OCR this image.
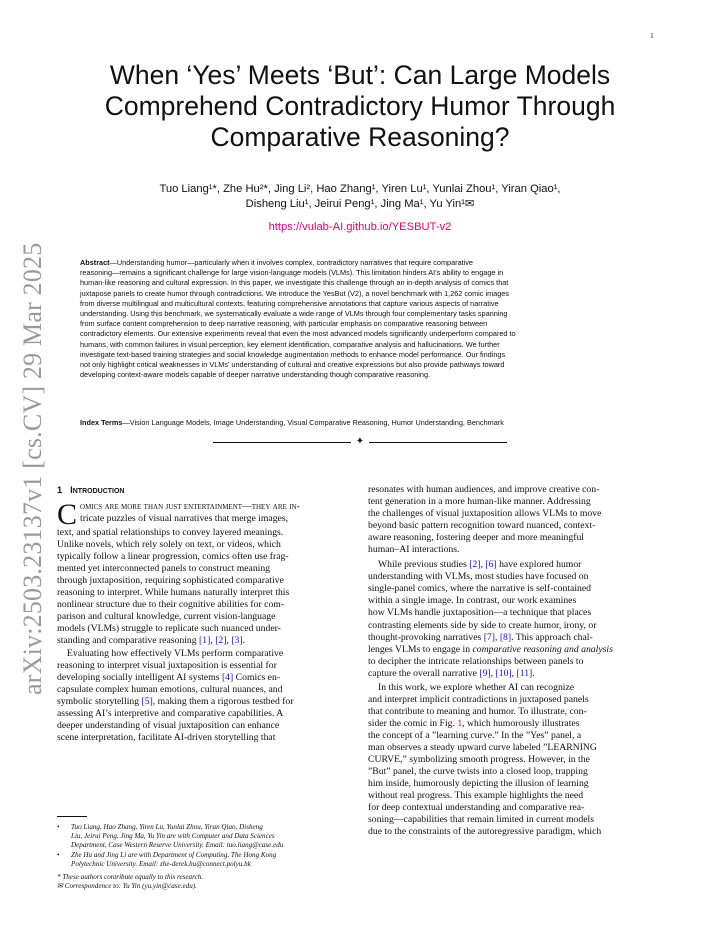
1
arXiv:2503.23137v1 [cs.CV] 29 Mar 2025
When ‘Yes’ Meets ‘But’: Can Large Models
Comprehend Contradictory Humor Through
Comparative Reasoning?
Tuo Liang¹*, Zhe Hu²*, Jing Li², Hao Zhang¹, Yiren Lu¹, Yunlai Zhou¹, Yiran Qiao¹,
Disheng Liu¹, Jeirui Peng¹, Jing Ma¹, Yu Yin¹✉
https://vulab-AI.github.io/YESBUT-v2
Abstract—Understanding humor—particularly when it involves complex, contradictory narratives that require comparative
reasoning—remains a significant challenge for large vision-language models (VLMs). This limitation hinders AI’s ability to engage in
human-like reasoning and cultural expression. In this paper, we investigate this challenge through an in-depth analysis of comics that
juxtapose panels to create humor through contradictions. We introduce the YesBut (V2), a novel benchmark with 1,262 comic images
from diverse multilingual and multicultural contexts, featuring comprehensive annotations that capture various aspects of narrative
understanding. Using this benchmark, we systematically evaluate a wide range of VLMs through four complementary tasks spanning
from surface content comprehension to deep narrative reasoning, with particular emphasis on comparative reasoning between
contradictory elements. Our extensive experiments reveal that even the most advanced models significantly underperform compared to
humans, with common failures in visual perception, key element identification, comparative analysis and hallucinations. We further
investigate text-based training strategies and social knowledge augmentation methods to enhance model performance. Our findings
not only highlight critical weaknesses in VLMs’ understanding of cultural and creative expressions but also provide pathways toward
developing context-aware models capable of deeper narrative understanding though comparative reasoning.
Index Terms—Vision Language Models, Image Understanding, Visual Comparative Reasoning, Humor Understanding, Benchmark
✦
1 Introduction
C omics are more than just entertainment—they are in-
tricate puzzles of visual narratives that merge images,
text, and spatial relationships to convey layered meanings.
Unlike novels, which rely solely on text, or videos, which
typically follow a linear progression, comics often use frag-
mented yet interconnected panels to construct meaning
through juxtaposition, requiring sophisticated comparative
reasoning to interpret. While humans naturally interpret this
nonlinear structure due to their cognitive abilities for com-
parison and cultural knowledge, current vision-language
models (VLMs) struggle to replicate such nuanced under-
standing and comparative reasoning [1], [2], [3].
Evaluating how effectively VLMs perform comparative
reasoning to interpret visual juxtaposition is essential for
developing socially intelligent AI systems [4] Comics en-
capsulate complex human emotions, cultural nuances, and
symbolic storytelling [5], making them a rigorous testbed for
assessing AI’s interpretive and comparative capabilities. A
deeper understanding of visual juxtaposition can enhance
scene interpretation, facilitate AI-driven storytelling that
resonates with human audiences, and improve creative con-
tent generation in a more human-like manner. Addressing
the challenges of visual juxtaposition allows VLMs to move
beyond basic pattern recognition toward nuanced, context-
aware reasoning, fostering deeper and more meaningful
human–AI interactions.
While previous studies [2], [6] have explored humor
understanding with VLMs, most studies have focused on
single-panel comics, where the narrative is self-contained
within a single image. In contrast, our work examines
how VLMs handle juxtaposition—a technique that places
contrasting elements side by side to create humor, irony, or
thought-provoking narratives [7], [8]. This approach chal-
lenges VLMs to engage in comparative reasoning and analysis
to decipher the intricate relationships between panels to
capture the overall narrative [9], [10], [11].
In this work, we explore whether AI can recognize
and interpret implicit contradictions in juxtaposed panels
that contribute to meaning and humor. To illustrate, con-
sider the comic in Fig. 1, which humorously illustrates
the concept of a ”learning curve.” In the ”Yes” panel, a
man observes a steady upward curve labeled ”LEARNING
CURVE,” symbolizing smooth progress. However, in the
”But” panel, the curve twists into a closed loop, trapping
him inside, humorously depicting the illusion of learning
without real progress. This example highlights the need
for deep contextual understanding and comparative rea-
soning—capabilities that remain limited in current models
due to the constraints of the autoregressive paradigm, which
• Tuo Liang, Hao Zhang, Yiren Lu, Yunlai Zhou, Yiran Qiao, Disheng
Liu, Jeirui Peng, Jing Ma, Yu Yin are with Computer and Data Sciences
Department, Case Western Reserve University. Email: tuo.liang@case.edu
• Zhe Hu and Jing Li are with Department of Computing, The Hong Kong
Polytechnic University. Email: zhe-derek.hu@connect.polyu.hk
* These authors contribute equally to this research.
✉ Correspondence to: Yu Yin (yu.yin@case.edu).
